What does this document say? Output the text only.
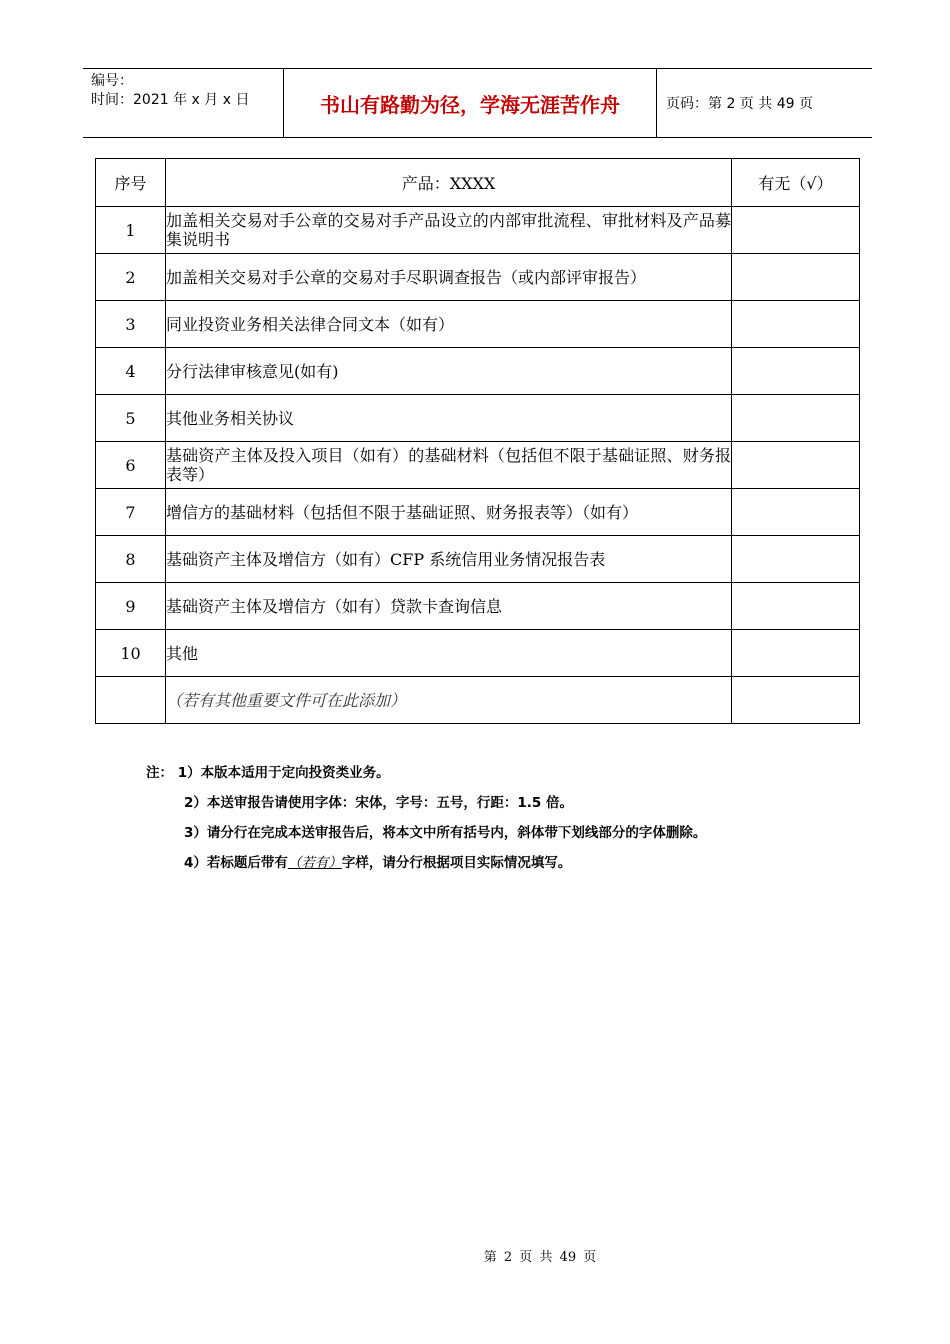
编号：
时间：2021 年 x 月 x 日	书山有路勤为径，学海无涯苦作舟	页码：第 2 页 共 49 页
序号	产品：XXXX	有无（√）
1	加盖相关交易对手公章的交易对手产品设立的内部审批流程、审批材料及产品募集说明书	
2	加盖相关交易对手公章的交易对手尽职调查报告（或内部评审报告）	
3	同业投资业务相关法律合同文本（如有）	
4	分行法律审核意见(如有)	
5	其他业务相关协议	
6	基础资产主体及投入项目（如有）的基础材料（包括但不限于基础证照、财务报表等）	
7	增信方的基础材料（包括但不限于基础证照、财务报表等）（如有）	
8	基础资产主体及增信方（如有）CFP 系统信用业务情况报告表	
9	基础资产主体及增信方（如有）贷款卡查询信息	
10	其他	
	（若有其他重要文件可在此添加）	
注： 1）本版本适用于定向投资类业务。
2）本送审报告请使用字体：宋体，字号：五号，行距：1.5 倍。
3）请分行在完成本送审报告后，将本文中所有括号内，斜体带下划线部分的字体删除。
4）若标题后带有（若有）字样，请分行根据项目实际情况填写。
第 2 页 共 49 页
